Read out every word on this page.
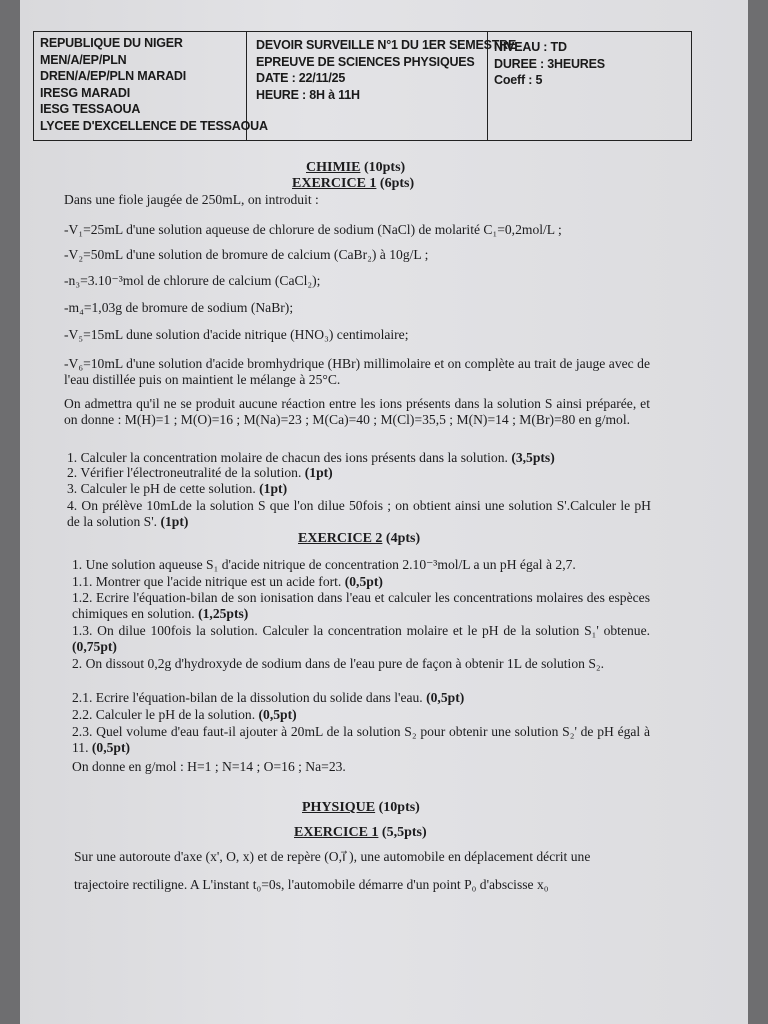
REPUBLIQUE DU NIGER
MEN/A/EP/PLN
DREN/A/EP/PLN MARADI
IRESG MARADI
IESG TESSAOUA
LYCEE D'EXCELLENCE DE TESSAOUA
DEVOIR SURVEILLE N°1 DU 1ER SEMESTRE
EPREUVE DE SCIENCES PHYSIQUES
DATE : 22/11/25
HEURE : 8H à 11H
NIVEAU : TD
DUREE : 3HEURES
Coeff : 5
CHIMIE (10pts)
EXERCICE 1 (6pts)
Dans une fiole jaugée de 250mL, on introduit :
-V₁=25mL d'une solution aqueuse de chlorure de sodium (NaCl) de molarité C₁=0,2mol/L ;
-V₂=50mL d'une solution de bromure de calcium (CaBr₂) à 10g/L ;
-n₃=3.10⁻³mol de chlorure de calcium (CaCl₂);
-m₄=1,03g de bromure de sodium (NaBr);
-V₅=15mL dune solution d'acide nitrique (HNO₃) centimolaire;
-V₆=10mL d'une solution d'acide bromhydrique (HBr) millimolaire et on complète au trait de jauge avec de l'eau distillée puis on maintient le mélange à 25°C.
On admettra qu'il ne se produit aucune réaction entre les ions présents dans la solution S ainsi préparée, et on donne : M(H)=1 ; M(O)=16 ; M(Na)=23 ; M(Ca)=40 ; M(Cl)=35,5 ; M(N)=14 ; M(Br)=80 en g/mol.
1. Calculer la concentration molaire de chacun des ions présents dans la solution. (3,5pts)
2. Vérifier l'électroneutralité de la solution. (1pt)
3. Calculer le pH de cette solution. (1pt)
4. On prélève 10mLde la solution S que l'on dilue 50fois ; on obtient ainsi une solution S'.Calculer le pH de la solution S'. (1pt)
EXERCICE 2 (4pts)
1. Une solution aqueuse S₁ d'acide nitrique de concentration 2.10⁻³mol/L a un pH égal à 2,7.
1.1. Montrer que l'acide nitrique est un acide fort. (0,5pt)
1.2. Ecrire l'équation-bilan de son ionisation dans l'eau et calculer les concentrations molaires des espèces chimiques en solution. (1,25pts)
1.3. On dilue 100fois la solution. Calculer la concentration molaire et le pH de la solution S₁' obtenue. (0,75pt)
2. On dissout 0,2g d'hydroxyde de sodium dans de l'eau pure de façon à obtenir 1L de solution S₂.
2.1. Ecrire l'équation-bilan de la dissolution du solide dans l'eau. (0,5pt)
2.2. Calculer le pH de la solution. (0,5pt)
2.3. Quel volume d'eau faut-il ajouter à 20mL de la solution S₂ pour obtenir une solution S₂' de pH égal à 11. (0,5pt)
On donne en g/mol : H=1 ; N=14 ; O=16 ; Na=23.
PHYSIQUE (10pts)
EXERCICE 1 (5,5pts)
Sur une autoroute d'axe (x', O, x) et de repère (O,i⃗ ), une automobile en déplacement décrit une
trajectoire rectiligne. A L'instant t₀=0s, l'automobile démarre d'un point P₀ d'abscisse x₀
